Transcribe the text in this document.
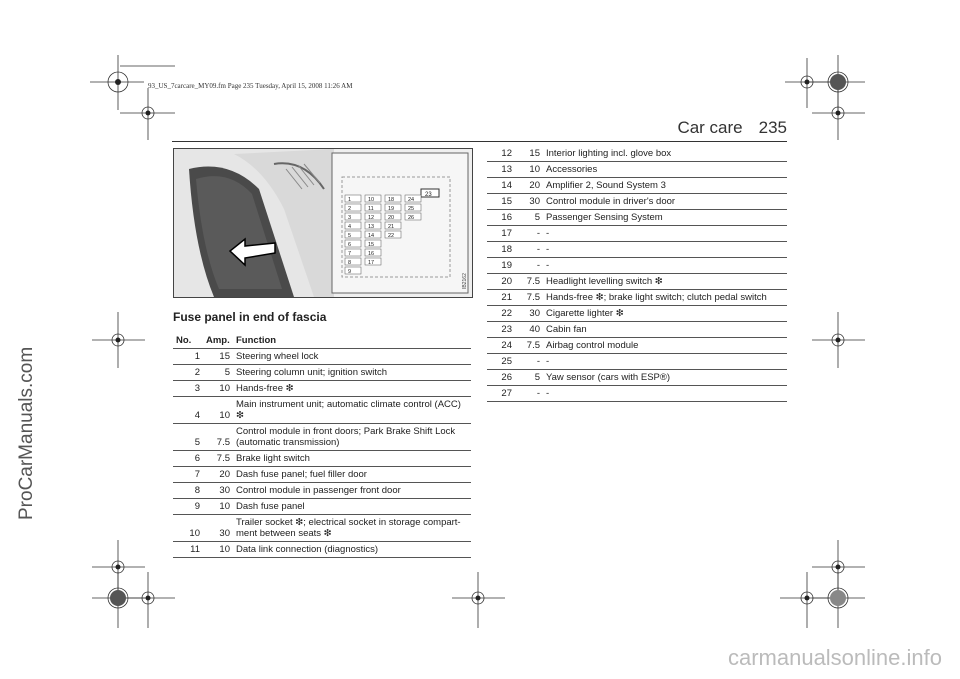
93_US_7carcare_MY09.fm Page 235 Tuesday, April 15, 2008 11:26 AM
Car care 235
ProCarManuals.com
carmanualsonline.info
23
IB2162
1
2
3
4
5
6
7
8
9
10
11
12
13
14
15
16
17
18
19
20
21
22
24
25
26
Fuse panel in end of fascia
No.	Amp.	Function
1	15	Steering wheel lock
2	5	Steering column unit; ignition switch
3	10	Hands-free ❇
4	10	Main instrument unit; automatic climate control (ACC) ❇
5	7.5	Control module in front doors; Park Brake Shift Lock (automatic transmission)
6	7.5	Brake light switch
7	20	Dash fuse panel; fuel filler door
8	30	Control module in passenger front door
9	10	Dash fuse panel
10	30	Trailer socket ❇; electrical socket in storage compart-ment between seats ❇
11	10	Data link connection (diagnostics)
12	15	Interior lighting incl. glove box
13	10	Accessories
14	20	Amplifier 2, Sound System 3
15	30	Control module in driver's door
16	5	Passenger Sensing System
17	-	-
18	-	-
19	-	-
20	7.5	Headlight levelling switch ❇
21	7.5	Hands-free ❇; brake light switch; clutch pedal switch
22	30	Cigarette lighter ❇
23	40	Cabin fan
24	7.5	Airbag control module
25	-	-
26	5	Yaw sensor (cars with ESP®)
27	-	-
